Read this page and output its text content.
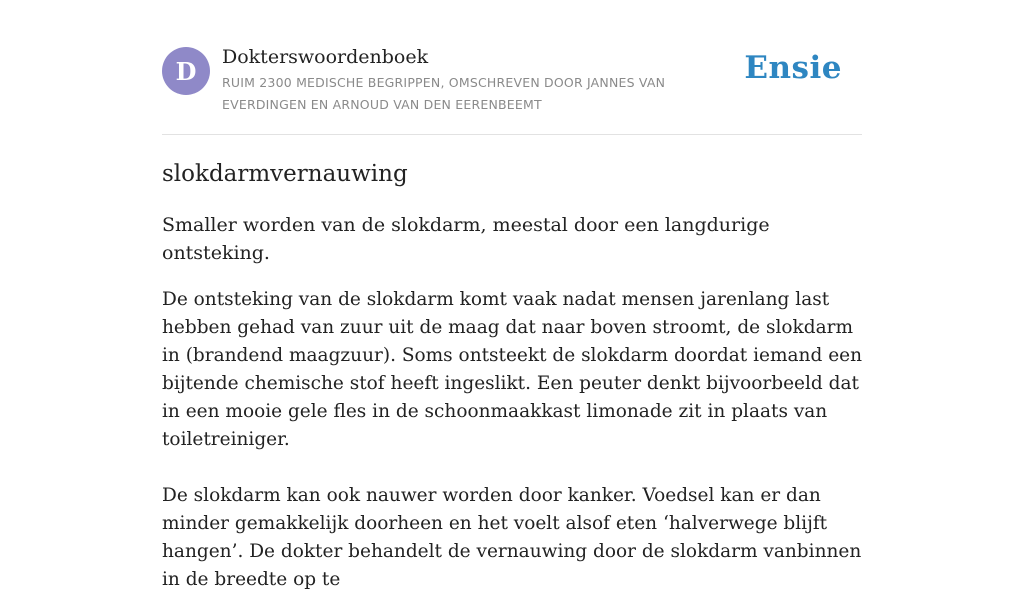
D	Dokterswoordenboek
RUIM 2300 MEDISCHE BEGRIPPEN, OMSCHREVEN DOOR JANNES VAN EVERDINGEN EN ARNOUD VAN DEN EERENBEEMT
Ensie
slokdarmvernauwing
Smaller worden van de slokdarm, meestal door een langdurige ontsteking.

De ontsteking van de slokdarm komt vaak nadat mensen jarenlang last hebben gehad van zuur uit de maag dat naar boven stroomt, de slokdarm in (brandend maagzuur). Soms ontsteekt de slokdarm doordat iemand een bijtende chemische stof heeft ingeslikt. Een peuter denkt bijvoorbeeld dat in een mooie gele fles in de schoonmaakkast limonade zit in plaats van toiletreiniger.

De slokdarm kan ook nauwer worden door kanker. Voedsel kan er dan minder gemakkelijk doorheen en het voelt alsof eten ‘halverwege blijft hangen’. De dokter behandelt de vernauwing door de slokdarm vanbinnen in de breedte op te
